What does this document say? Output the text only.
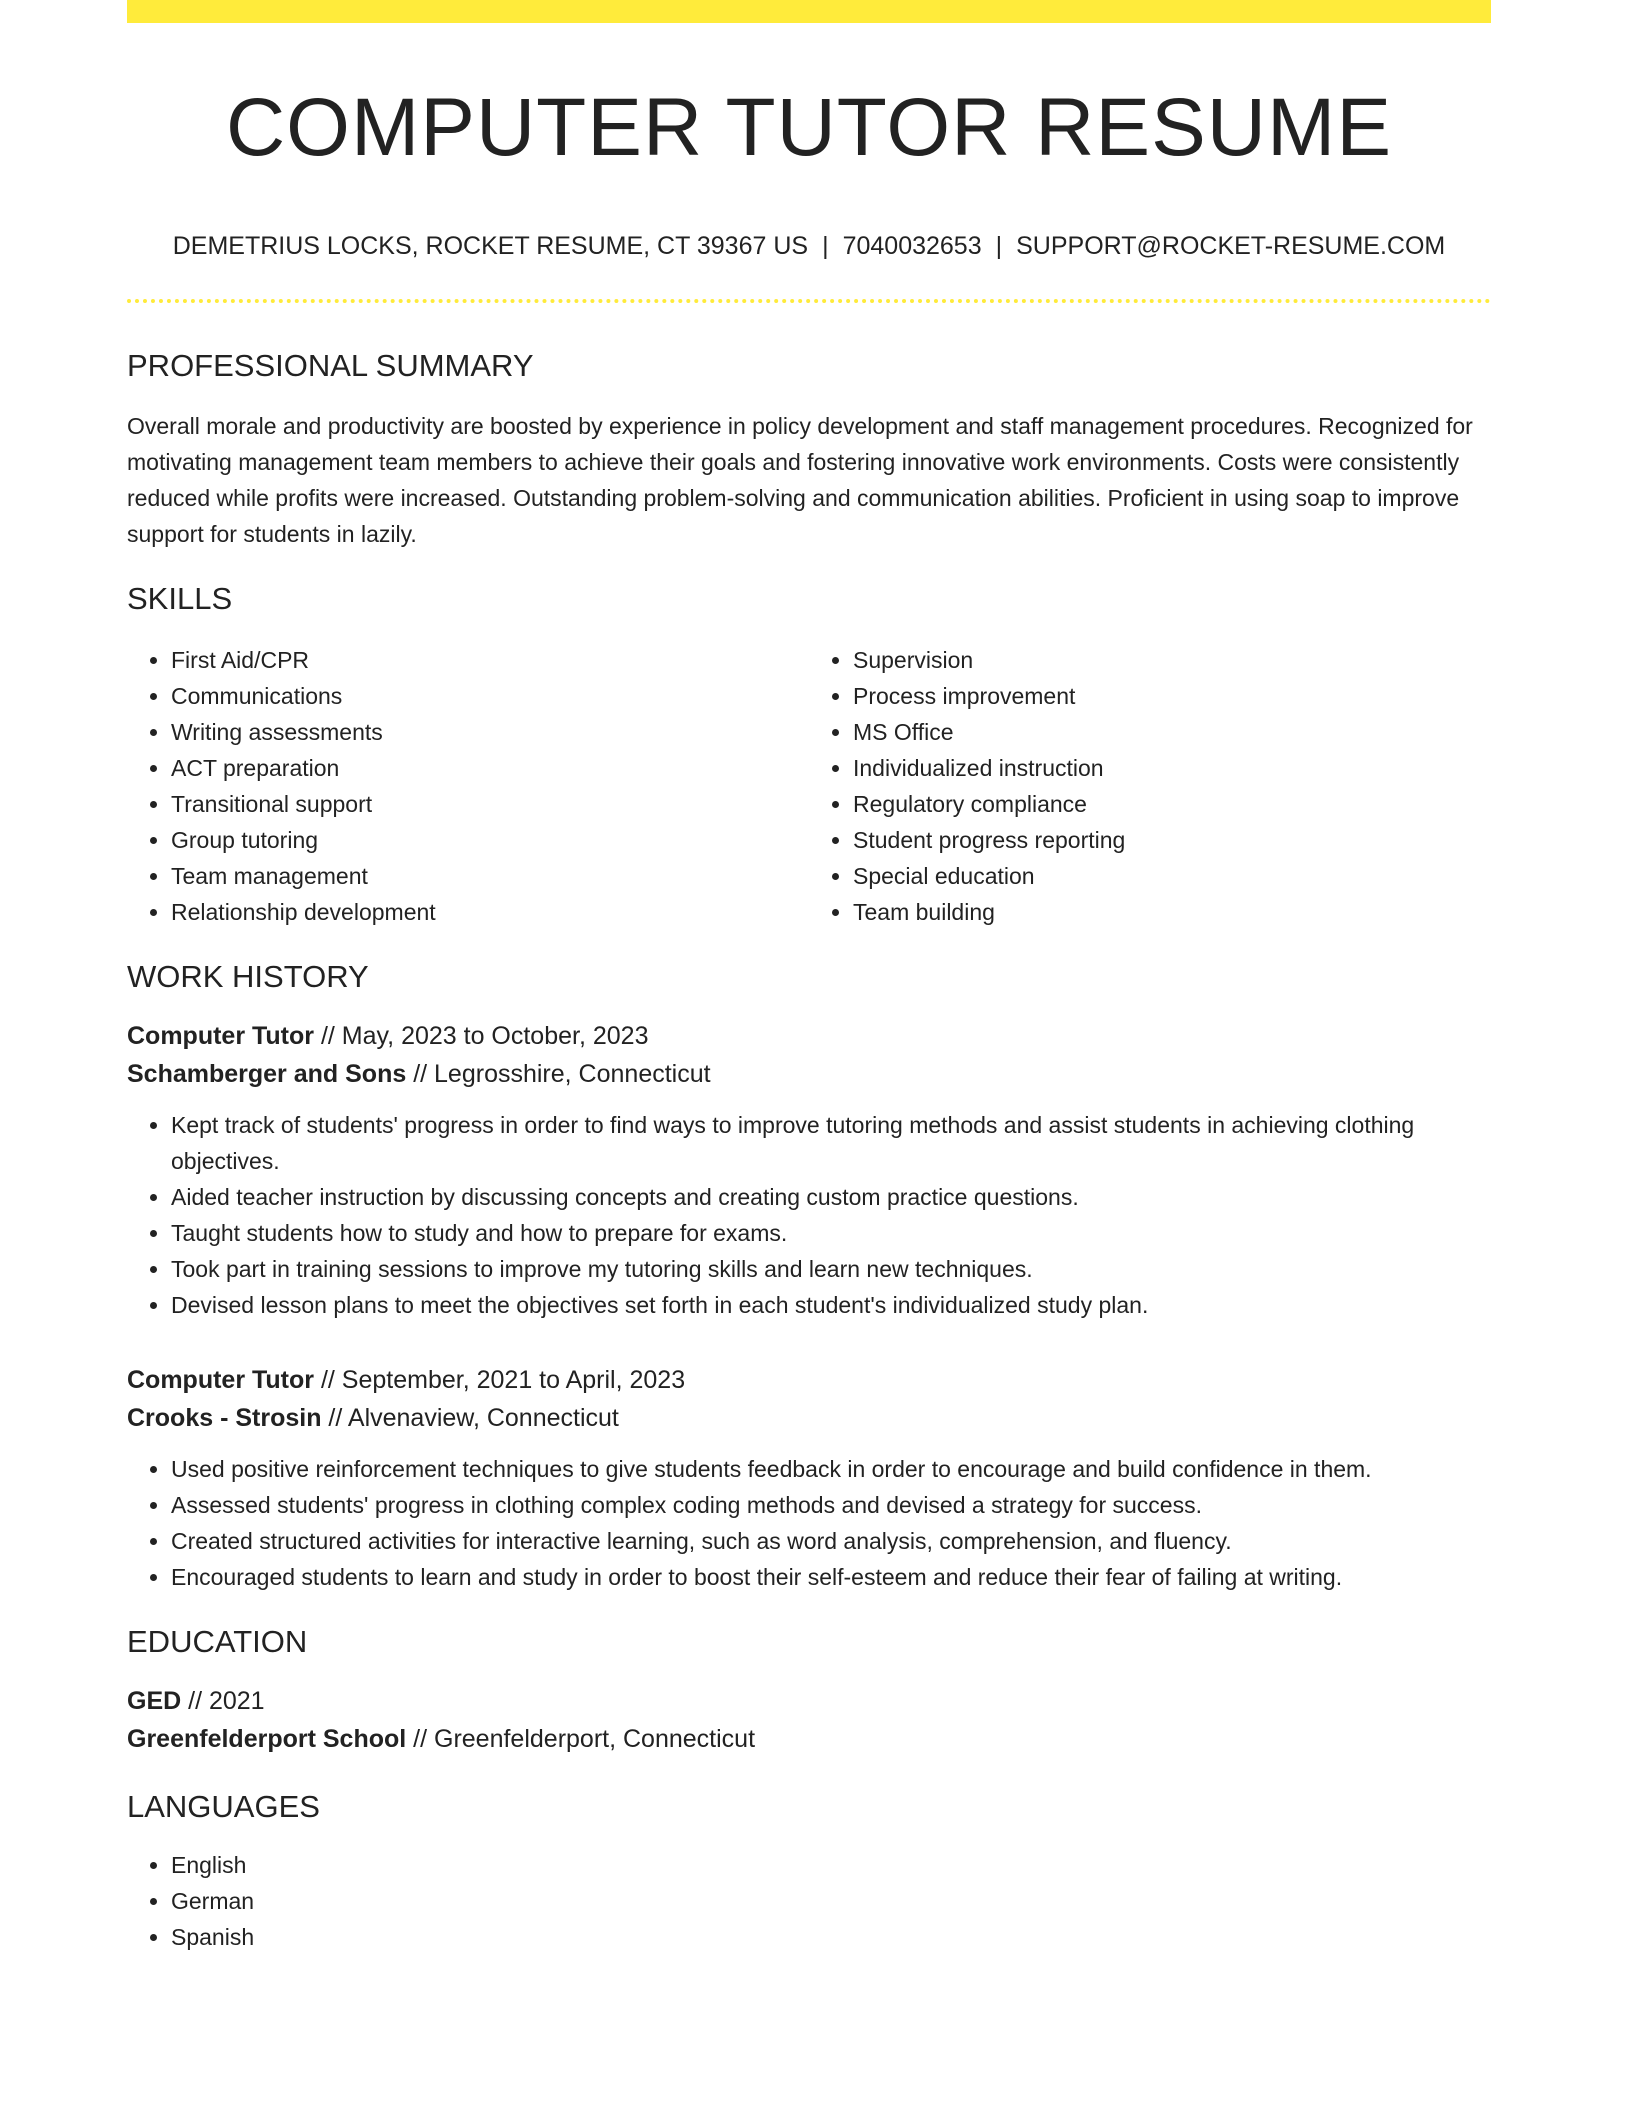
COMPUTER TUTOR RESUME
DEMETRIUS LOCKS, ROCKET RESUME, CT 39367 US | 7040032653 | SUPPORT@ROCKET-RESUME.COM
PROFESSIONAL SUMMARY

Overall morale and productivity are boosted by experience in policy development and staff management procedures. Recognized for motivating management team members to achieve their goals and fostering innovative work environments. Costs were consistently reduced while profits were increased. Outstanding problem-solving and communication abilities. Proficient in using soap to improve support for students in lazily.

SKILLS
• First Aid/CPR
• Communications
• Writing assessments
• ACT preparation
• Transitional support
• Group tutoring
• Team management
• Relationship development
• Supervision
• Process improvement
• MS Office
• Individualized instruction
• Regulatory compliance
• Student progress reporting
• Special education
• Team building
WORK HISTORY
Computer Tutor // May, 2023 to October, 2023
Schamberger and Sons // Legrosshire, Connecticut
• Kept track of students' progress in order to find ways to improve tutoring methods and assist students in achieving clothing objectives.
• Aided teacher instruction by discussing concepts and creating custom practice questions.
• Taught students how to study and how to prepare for exams.
• Took part in training sessions to improve my tutoring skills and learn new techniques.
• Devised lesson plans to meet the objectives set forth in each student's individualized study plan.
Computer Tutor // September, 2021 to April, 2023
Crooks - Strosin // Alvenaview, Connecticut
• Used positive reinforcement techniques to give students feedback in order to encourage and build confidence in them.
• Assessed students' progress in clothing complex coding methods and devised a strategy for success.
• Created structured activities for interactive learning, such as word analysis, comprehension, and fluency.
• Encouraged students to learn and study in order to boost their self-esteem and reduce their fear of failing at writing.
EDUCATION
GED // 2021
Greenfelderport School // Greenfelderport, Connecticut
LANGUAGES
• English
• German
• Spanish
